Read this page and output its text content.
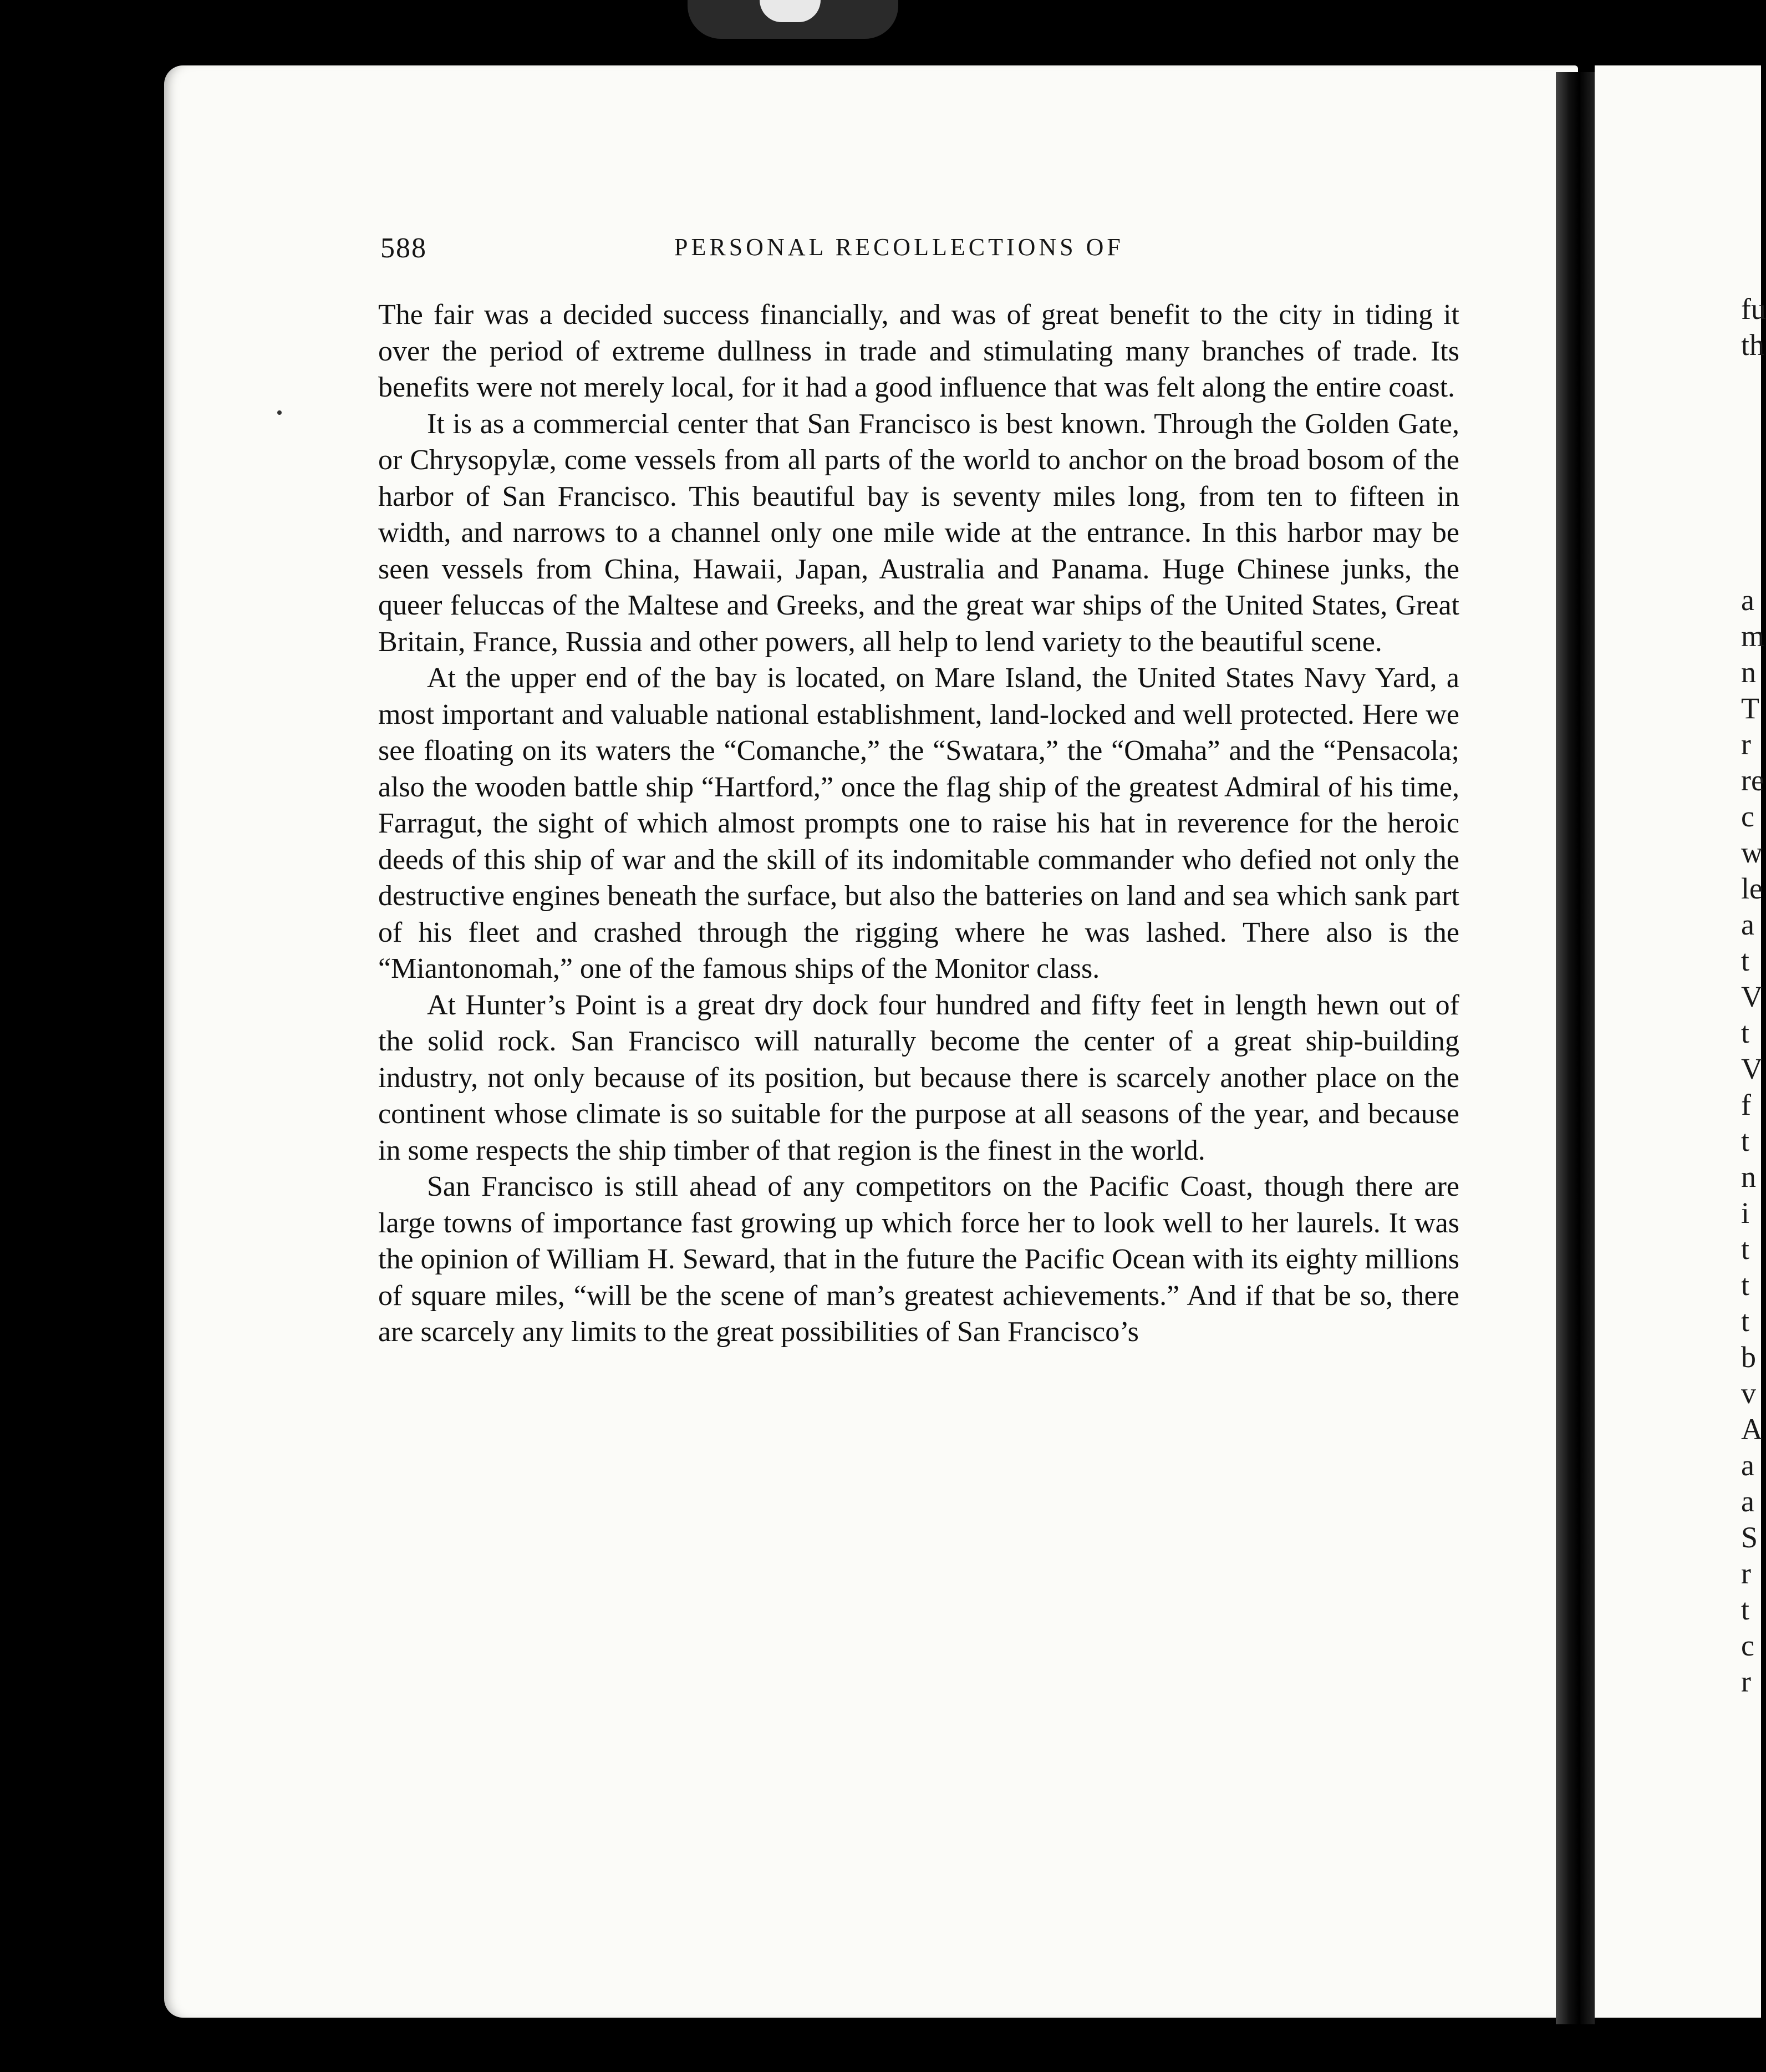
588	PERSONAL RECOLLECTIONS OF

The fair was a decided success financially, and was of great benefit to the city in tiding it over the period of extreme dullness in trade and stimulating many branches of trade. Its benefits were not merely local, for it had a good influence that was felt along the entire coast.

It is as a commercial center that San Francisco is best known. Through the Golden Gate, or Chrysopylæ, come vessels from all parts of the world to anchor on the broad bosom of the harbor of San Francisco. This beautiful bay is seventy miles long, from ten to fifteen in width, and narrows to a channel only one mile wide at the entrance. In this harbor may be seen vessels from China, Hawaii, Japan, Australia and Panama. Huge Chinese junks, the queer feluccas of the Maltese and Greeks, and the great war ships of the United States, Great Britain, France, Russia and other powers, all help to lend variety to the beautiful scene.

At the upper end of the bay is located, on Mare Island, the United States Navy Yard, a most important and valuable national establishment, land-locked and well protected. Here we see floating on its waters the “Comanche,” the “Swatara,” the “Omaha” and the “Pensacola; also the wooden battle ship “Hartford,” once the flag ship of the greatest Admiral of his time, Farragut, the sight of which almost prompts one to raise his hat in reverence for the heroic deeds of this ship of war and the skill of its indomitable commander who defied not only the destructive engines beneath the surface, but also the batteries on land and sea which sank part of his fleet and crashed through the rigging where he was lashed. There also is the “Miantonomah,” one of the famous ships of the Monitor class.

At Hunter’s Point is a great dry dock four hundred and fifty feet in length hewn out of the solid rock. San Francisco will naturally become the center of a great ship-building industry, not only because of its position, but because there is scarcely another place on the continent whose climate is so suitable for the purpose at all seasons of the year, and because in some respects the ship timber of that region is the finest in the world.

San Francisco is still ahead of any competitors on the Pacific Coast, though there are large towns of importance fast growing up which force her to look well to her laurels. It was the opinion of William H. Seward, that in the future the Pacific Ocean with its eighty millions of square miles, “will be the scene of man’s greatest achievements.” And if that be so, there are scarcely any limits to the great possibilities of San Francisco’s

fu
th
a
m
n
T
r
re
c
w
le
a
t
V
t
V
f
t
n
i
t
t
t
b
v
A
a
a
S
r
t
c
r
